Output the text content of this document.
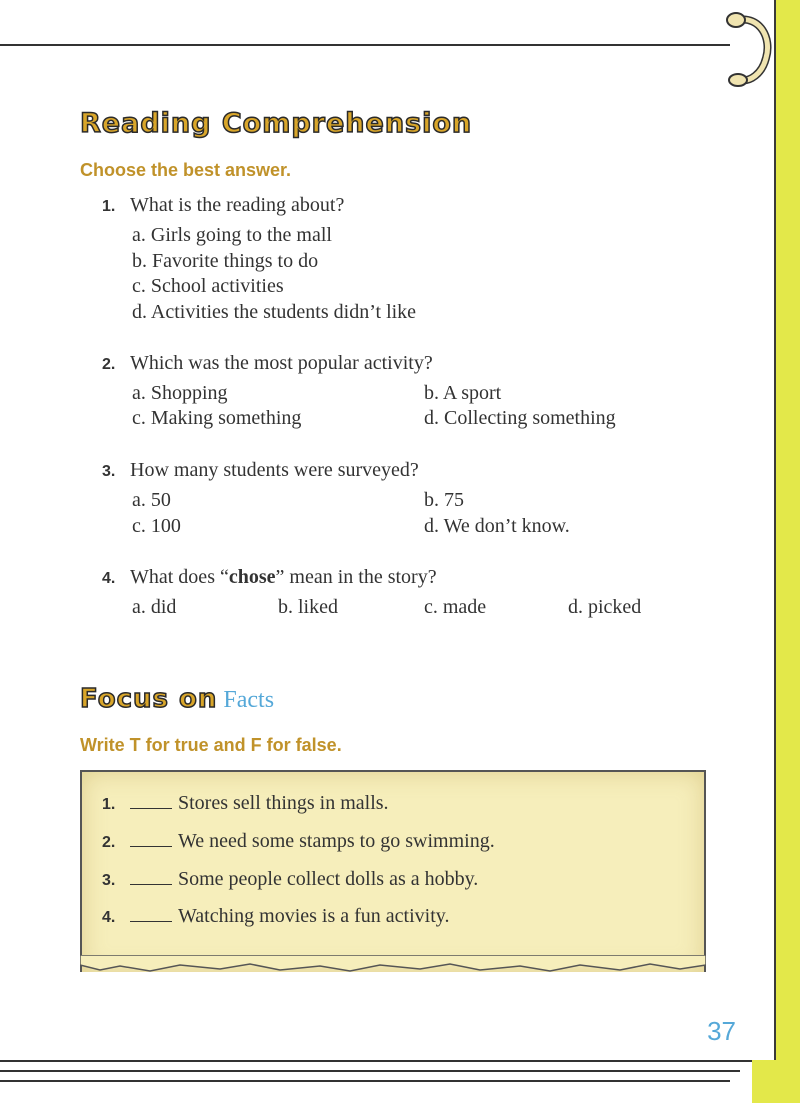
Reading Comprehension
Choose the best answer.
1. What is the reading about?
a. Girls going to the mall
b. Favorite things to do
c. School activities
d. Activities the students didn’t like
2. Which was the most popular activity?
a. Shopping	b. A sport
c. Making something	d. Collecting something
3. How many students were surveyed?
a. 50	b. 75
c. 100	d. We don’t know.
4. What does “chose” mean in the story?
a. did	b. liked	c. made	d. picked
Focus on Facts
Write T for true and F for false.
1.	Stores sell things in malls.
2.	We need some stamps to go swimming.
3.	Some people collect dolls as a hobby.
4.	Watching movies is a fun activity.
37
